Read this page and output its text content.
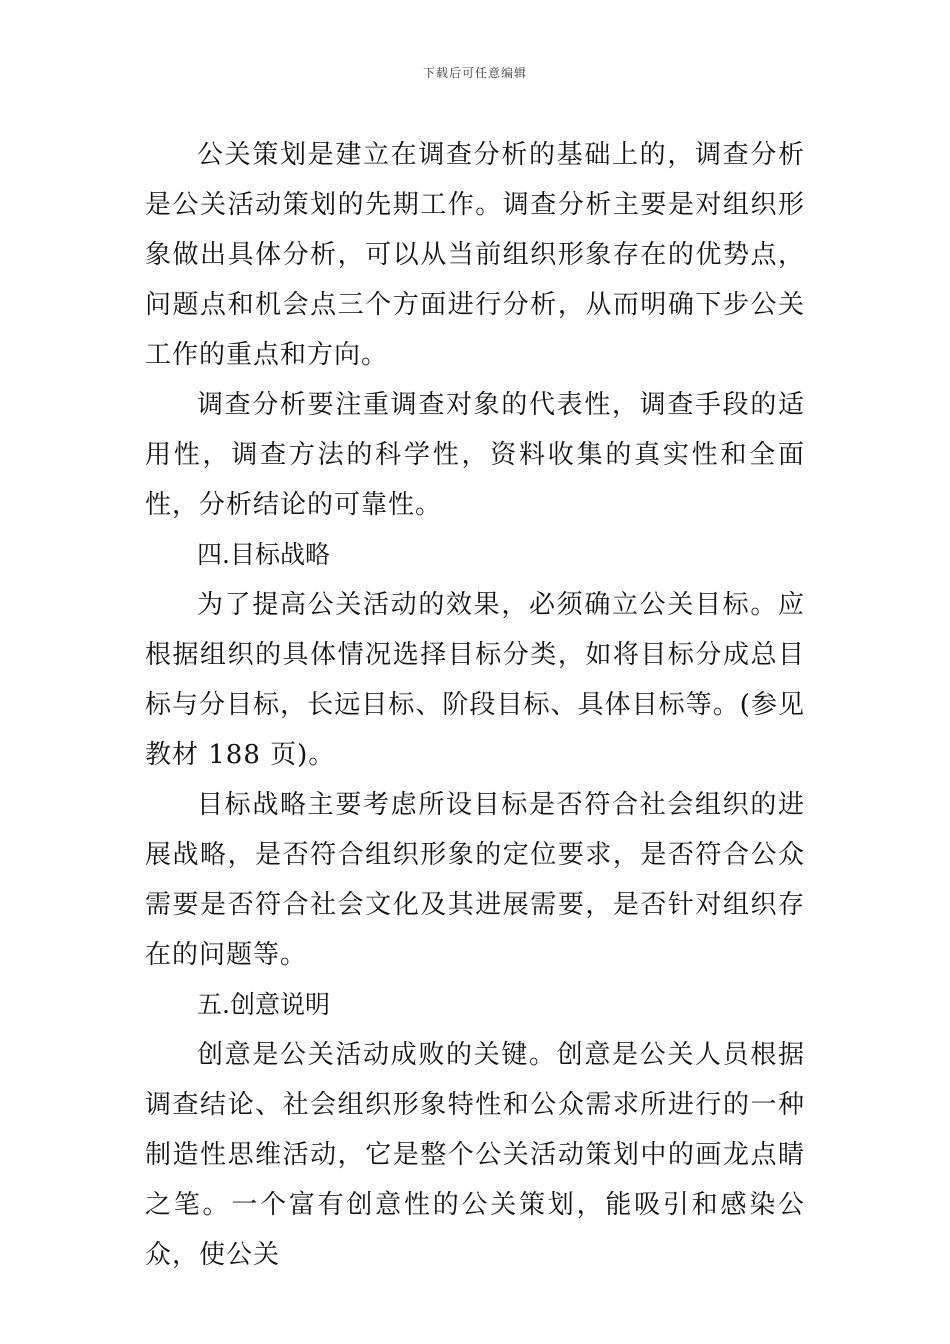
下载后可任意编辑

公关策划是建立在调查分析的基础上的，调查分析是公关活动策划的先期工作。调查分析主要是对组织形象做出具体分析，可以从当前组织形象存在的优势点，问题点和机会点三个方面进行分析，从而明确下步公关工作的重点和方向。

调查分析要注重调查对象的代表性，调查手段的适用性，调查方法的科学性，资料收集的真实性和全面性，分析结论的可靠性。

四.目标战略

为了提高公关活动的效果，必须确立公关目标。应根据组织的具体情况选择目标分类，如将目标分成总目标与分目标，长远目标、阶段目标、具体目标等。(参见教材 188 页)。

目标战略主要考虑所设目标是否符合社会组织的进展战略，是否符合组织形象的定位要求，是否符合公众需要是否符合社会文化及其进展需要，是否针对组织存在的问题等。

五.创意说明

创意是公关活动成败的关键。创意是公关人员根据调查结论、社会组织形象特性和公众需求所进行的一种制造性思维活动，它是整个公关活动策划中的画龙点睛之笔。一个富有创意性的公关策划，能吸引和感染公众，使公关
